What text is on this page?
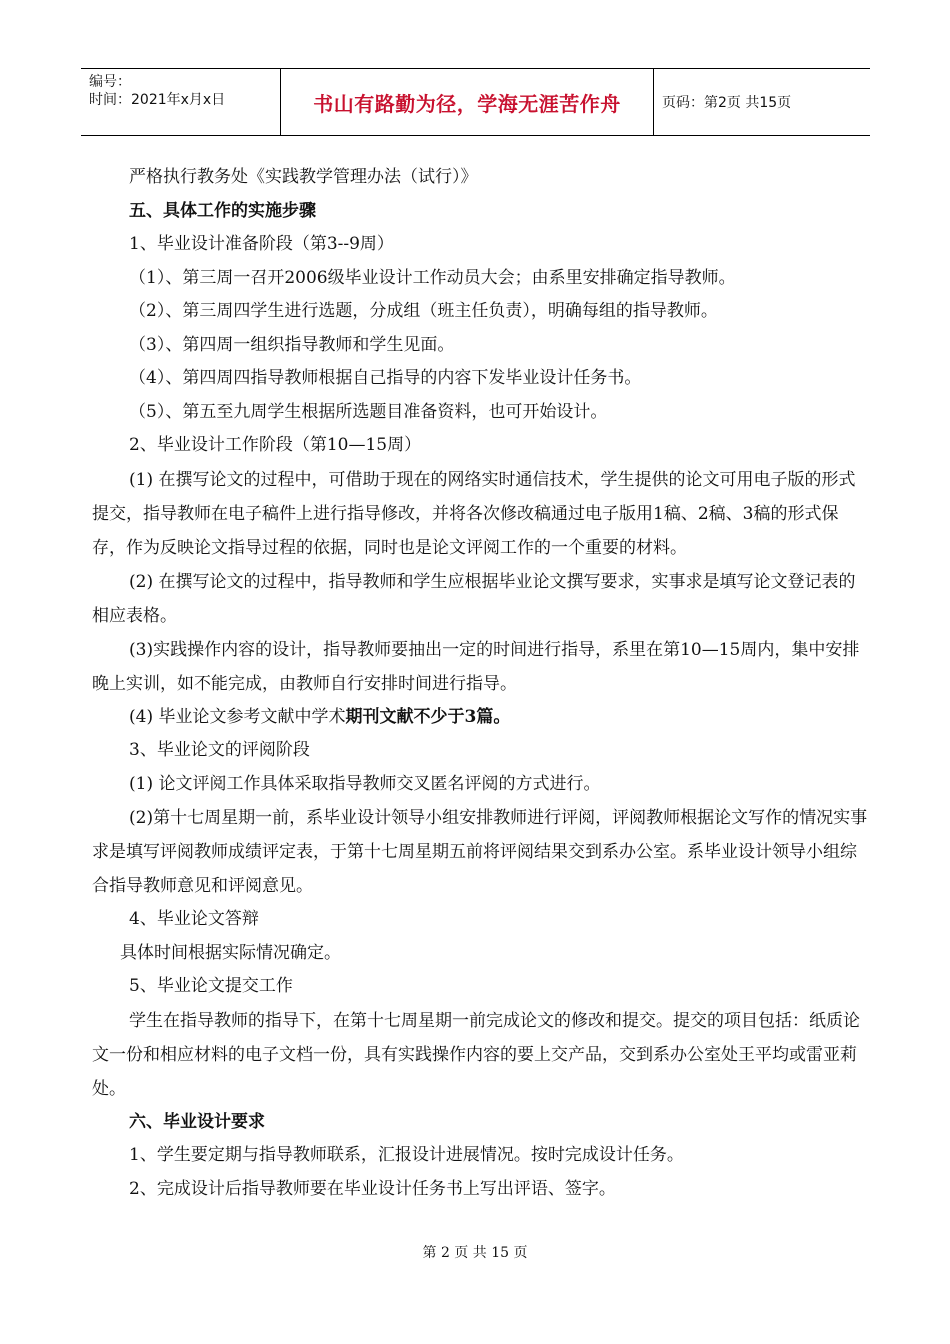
编号：
时间：2021年x月x日	书山有路勤为径，学海无涯苦作舟	页码：第2页 共15页
严格执行教务处《实践教学管理办法（试行）》
五、具体工作的实施步骤
1、毕业设计准备阶段（第3--9周）
（1）、第三周一召开2006级毕业设计工作动员大会；由系里安排确定指导教师。
（2）、第三周四学生进行选题，分成组（班主任负责），明确每组的指导教师。
（3）、第四周一组织指导教师和学生见面。
（4）、第四周四指导教师根据自己指导的内容下发毕业设计任务书。
（5）、第五至九周学生根据所选题目准备资料，也可开始设计。
2、毕业设计工作阶段（第10—15周）
(1) 在撰写论文的过程中，可借助于现在的网络实时通信技术，学生提供的论文可用电子版的形式提交，指导教师在电子稿件上进行指导修改，并将各次修改稿通过电子版用1稿、2稿、3稿的形式保存，作为反映论文指导过程的依据，同时也是论文评阅工作的一个重要的材料。
(2) 在撰写论文的过程中，指导教师和学生应根据毕业论文撰写要求，实事求是填写论文登记表的相应表格。
(3)实践操作内容的设计，指导教师要抽出一定的时间进行指导，系里在第10—15周内，集中安排晚上实训，如不能完成，由教师自行安排时间进行指导。
(4) 毕业论文参考文献中学术期刊文献不少于3篇。
3、毕业论文的评阅阶段
(1) 论文评阅工作具体采取指导教师交叉匿名评阅的方式进行。
(2)第十七周星期一前，系毕业设计领导小组安排教师进行评阅，评阅教师根据论文写作的情况实事求是填写评阅教师成绩评定表，于第十七周星期五前将评阅结果交到系办公室。系毕业设计领导小组综合指导教师意见和评阅意见。
4、毕业论文答辩
具体时间根据实际情况确定。
5、毕业论文提交工作
学生在指导教师的指导下，在第十七周星期一前完成论文的修改和提交。提交的项目包括：纸质论文一份和相应材料的电子文档一份，具有实践操作内容的要上交产品，交到系办公室处王平均或雷亚莉处。
六、毕业设计要求
1、学生要定期与指导教师联系，汇报设计进展情况。按时完成设计任务。
2、完成设计后指导教师要在毕业设计任务书上写出评语、签字。
第 2 页 共 15 页
